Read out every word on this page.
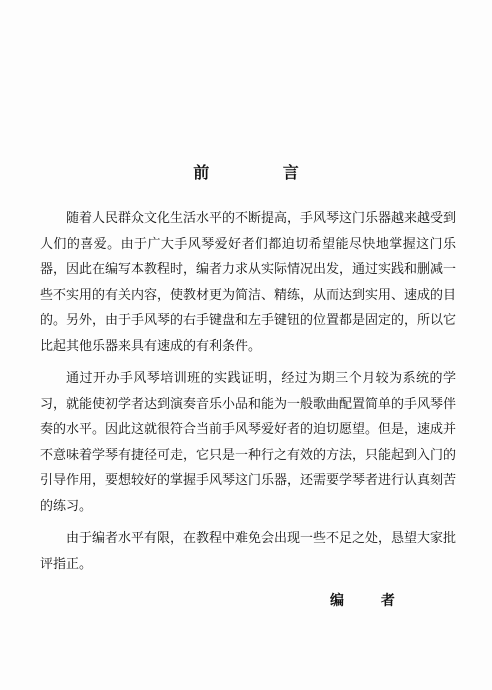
前 言

随着人民群众文化生活水平的不断提高，手风琴这门乐器越来越受到人们的喜爱。由于广大手风琴爱好者们都迫切希望能尽快地掌握这门乐器，因此在编写本教程时，编者力求从实际情况出发，通过实践和删减一些不实用的有关内容，使教材更为简洁、精练，从而达到实用、速成的目的。另外，由于手风琴的右手键盘和左手键钮的位置都是固定的，所以它比起其他乐器来具有速成的有利条件。

通过开办手风琴培训班的实践证明，经过为期三个月较为系统的学习，就能使初学者达到演奏音乐小品和能为一般歌曲配置简单的手风琴伴奏的水平。因此这就很符合当前手风琴爱好者的迫切愿望。但是，速成并不意味着学琴有捷径可走，它只是一种行之有效的方法，只能起到入门的引导作用，要想较好的掌握手风琴这门乐器，还需要学琴者进行认真刻苦的练习。

由于编者水平有限，在教程中难免会出现一些不足之处，恳望大家批评指正。

编 者
